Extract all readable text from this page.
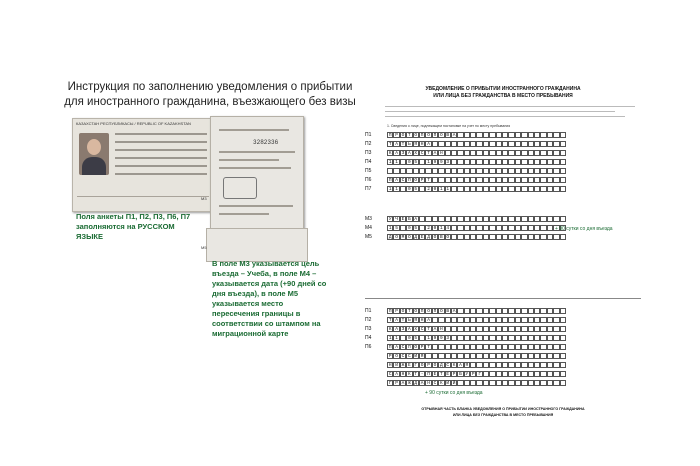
Инструкция по заполнению уведомления о прибытии
для иностранного гражданина, въезжающего без визы
КАЗАХСТАН РЕСПУБЛИКАСЫ / REPUBLIC OF KAZAKHSTAN
3282336
М3
М5
Поля анкеты П1, П2, П3, П6, П7 заполняются на РУССКОМ ЯЗЫКЕ
В поле М3 указывается цель въезда – Учеба, в поле М4 – указывается дата (+90 дней со дня въезда), в поле М5 указывается место пересечения границы в соответствии со штампом на миграционной карте
УВЕДОМЛЕНИЕ О ПРИБЫТИИ ИНОСТРАННОГО ГРАЖДАНИНА
ИЛИ ЛИЦА БЕЗ ГРАЖДАНСТВА В МЕСТО ПРЕБЫВАНИЯ
1. Сведения о лице, подлежащем постановке на учет по месту пребывания
П1	П Р О Т О П О П О В А
П2	Т А Т Ь Я Н А
П3	К А З А Х С Т А Н
П4	1 1	0 5	1 9 9 3
П5
П6	П А С П О Р Т
П7	1 1	0 5	2 0 1 1
М3	У Ч Е Б А
М4	1 5	0 5	2 0 1 4
М5	Д О М О Д Е Д О В О
+ 90 сутки со дня въезда
П1	П Р О Т О П О П О В А
П2	Т А Т Ь Я Н А
П3	К А З А Х С Т А Н
П4	1 1	0 5	1 9 9 3
П6	П А С П О Р Т
Р О С С И Я
Н И Ж Е Г О Р О Д С К А Я
С А Н К Т - П Е Т Е Р Б У Р Г
Г Р А Ж Д А Н С К И Й
+ 90 сутки со дня въезда
ОТРЫВНАЯ ЧАСТЬ БЛАНКА УВЕДОМЛЕНИЯ О ПРИБЫТИИ ИНОСТРАННОГО ГРАЖДАНИНА
ИЛИ ЛИЦА БЕЗ ГРАЖДАНСТВА В МЕСТО ПРЕБЫВАНИЯ
